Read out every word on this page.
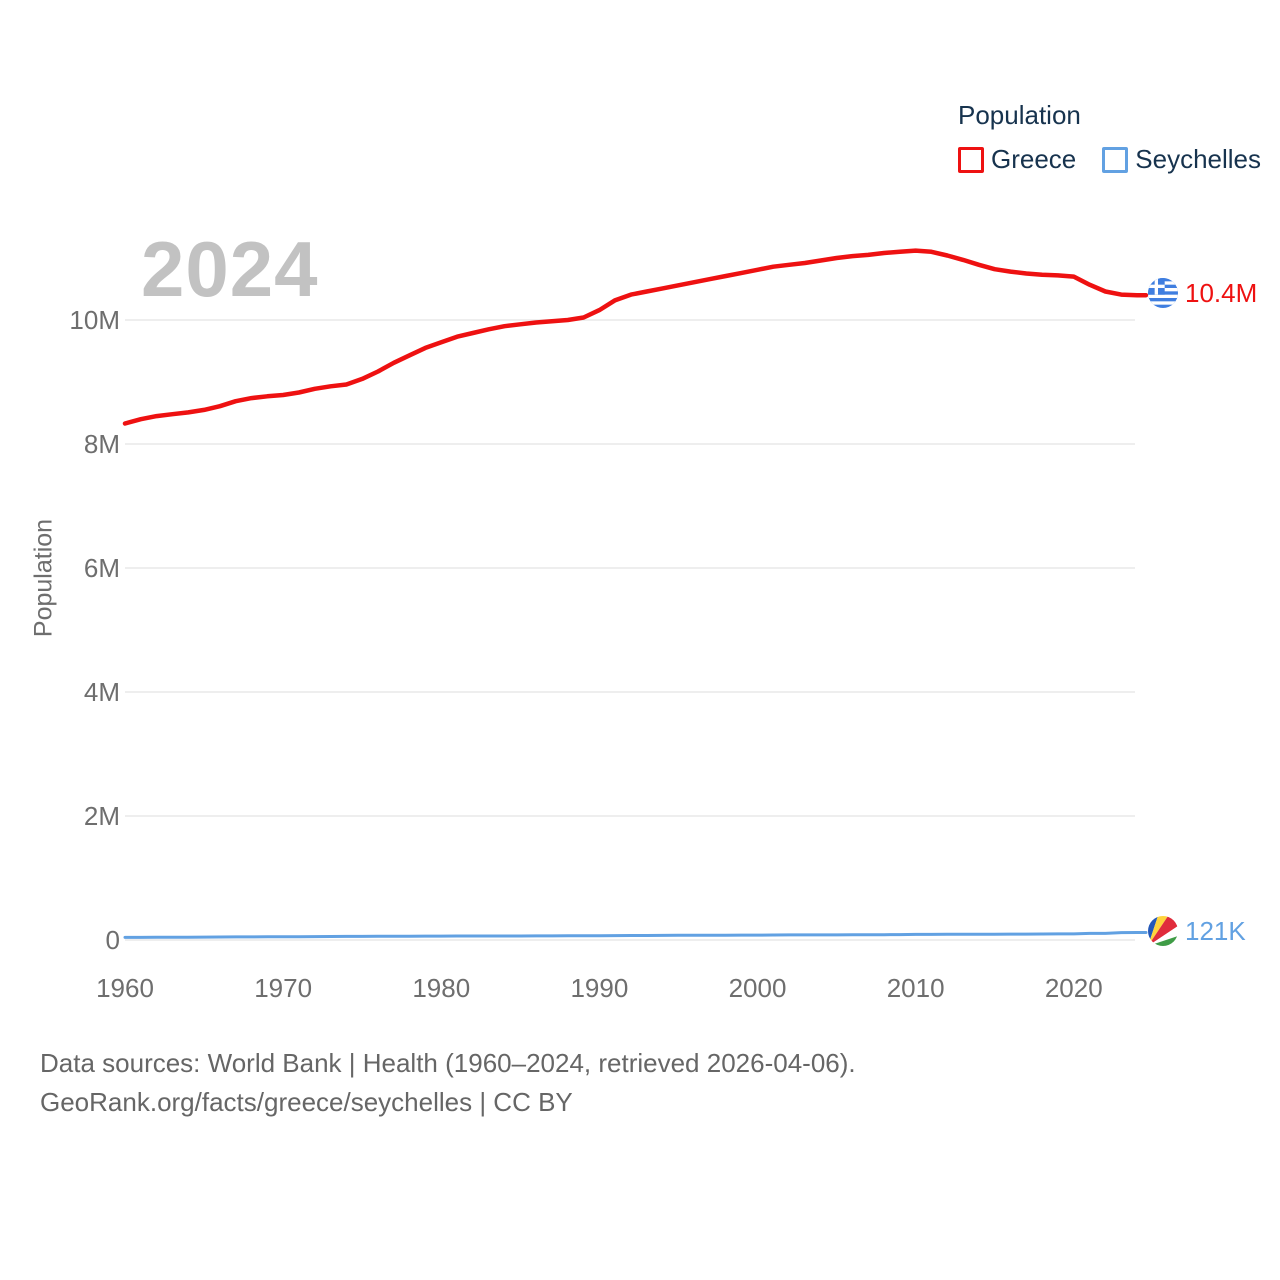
2024
Population
Greece Seychelles
Population
0
2M
4M
6M
8M
10M
1960	1970	1980	1990	2000	2010	2020
10.4M
121K
Data sources: World Bank | Health (1960–2024, retrieved 2026-04-06).
GeoRank.org/facts/greece/seychelles | CC BY
